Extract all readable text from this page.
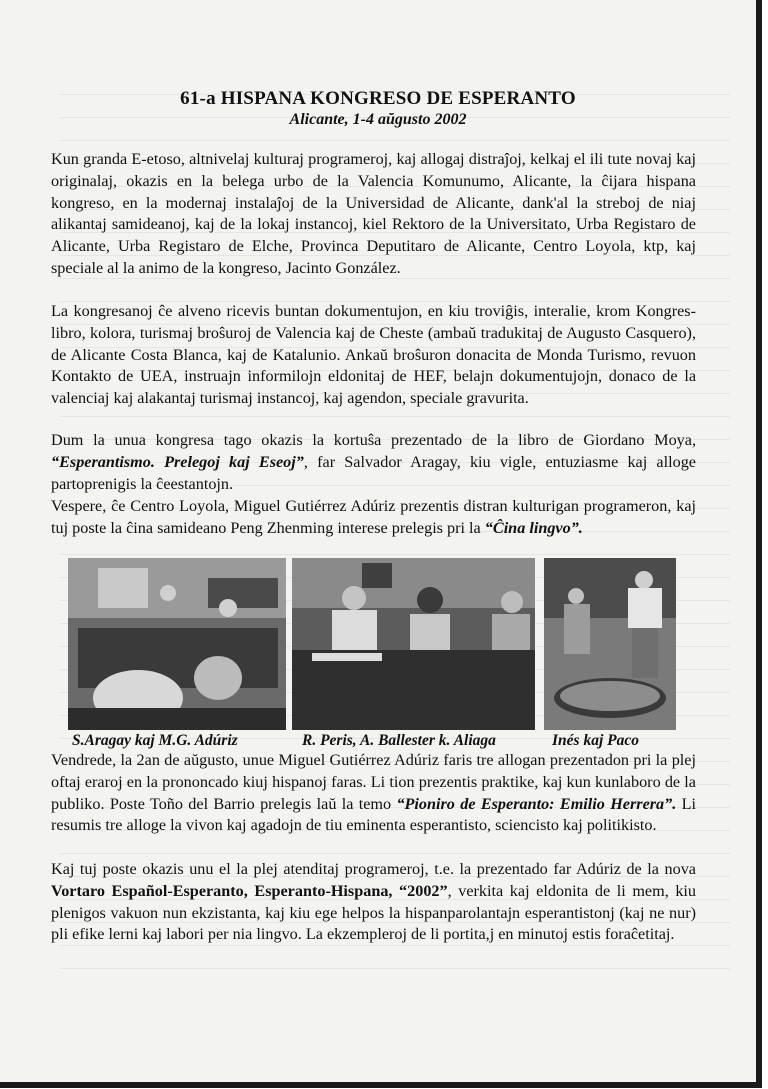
61-a HISPANA KONGRESO DE ESPERANTO
Alicante, 1-4 aŭgusto 2002
Kun granda E-etoso, altnivelaj kulturaj programeroj, kaj allogaj distraĵoj, kelkaj el ili tute novaj kaj originalaj, okazis en la belega urbo de la Valencia Komunumo, Alicante, la ĉijara hispana kongreso, en la modernaj instalaĵoj de la Universidad de Alicante, dank'al la streboj de niaj alikantaj samideanoj, kaj de la lokaj instancoj, kiel Rektoro de la Universitato, Urba Registaro de Alicante, Urba Registaro de Elche, Provinca Deputitaro de Alicante, Centro Loyola, ktp, kaj speciale al la animo de la kongreso, Jacinto González.
La kongresanoj ĉe alveno ricevis buntan dokumentujon, en kiu troviĝis, interalie, krom Kongres-libro, kolora, turismaj broŝuroj de Valencia kaj de Cheste (ambaŭ tradukitaj de Augusto Casquero), de Alicante Costa Blanca, kaj de Katalunio. Ankaŭ broŝuron donacita de Monda Turismo, revuon Kontakto de UEA, instruajn informilojn eldonitaj de HEF, belajn dokumentujojn, donaco de la valenciaj kaj alakantaj turismaj instancoj, kaj agendon, speciale gravurita.
Dum la unua kongresa tago okazis la kortuŝa prezentado de la libro de Giordano Moya, “Esperantismo. Prelegoj kaj Eseoj”, far Salvador Aragay, kiu vigle, entuziasme kaj alloge partoprenigis la ĉeestantojn.
Vespere, ĉe Centro Loyola, Miguel Gutiérrez Adúriz prezentis distran kulturigan programeron, kaj tuj poste la ĉina samideano Peng Zhenming interese prelegis pri la “Ĉina lingvo”.
S.Aragay kaj M.G. Adúriz	R. Peris, A. Ballester k. Aliaga	Inés kaj Paco
Vendrede, la 2an de aŭgusto, unue Miguel Gutiérrez Adúriz faris tre allogan prezentadon pri la plej oftaj eraroj en la prononcado kiuj hispanoj faras. Li tion prezentis praktike, kaj kun kunlaboro de la publiko. Poste Toño del Barrio prelegis laŭ la temo “Pioniro de Esperanto: Emilio Herrera”. Li resumis tre alloge la vivon kaj agadojn de tiu eminenta esperantisto, sciencisto kaj politikisto.
Kaj tuj poste okazis unu el la plej atenditaj programeroj, t.e. la prezentado far Adúriz de la nova Vortaro Español-Esperanto, Esperanto-Hispana, “2002”, verkita kaj eldonita de li mem, kiu plenigos vakuon nun ekzistanta, kaj kiu ege helpos la hispanparolantajn esperantistonj (kaj ne nur) pli efike lerni kaj labori per nia lingvo. La ekzempleroj de li portita,j en minutoj estis foraĉetitaj.
